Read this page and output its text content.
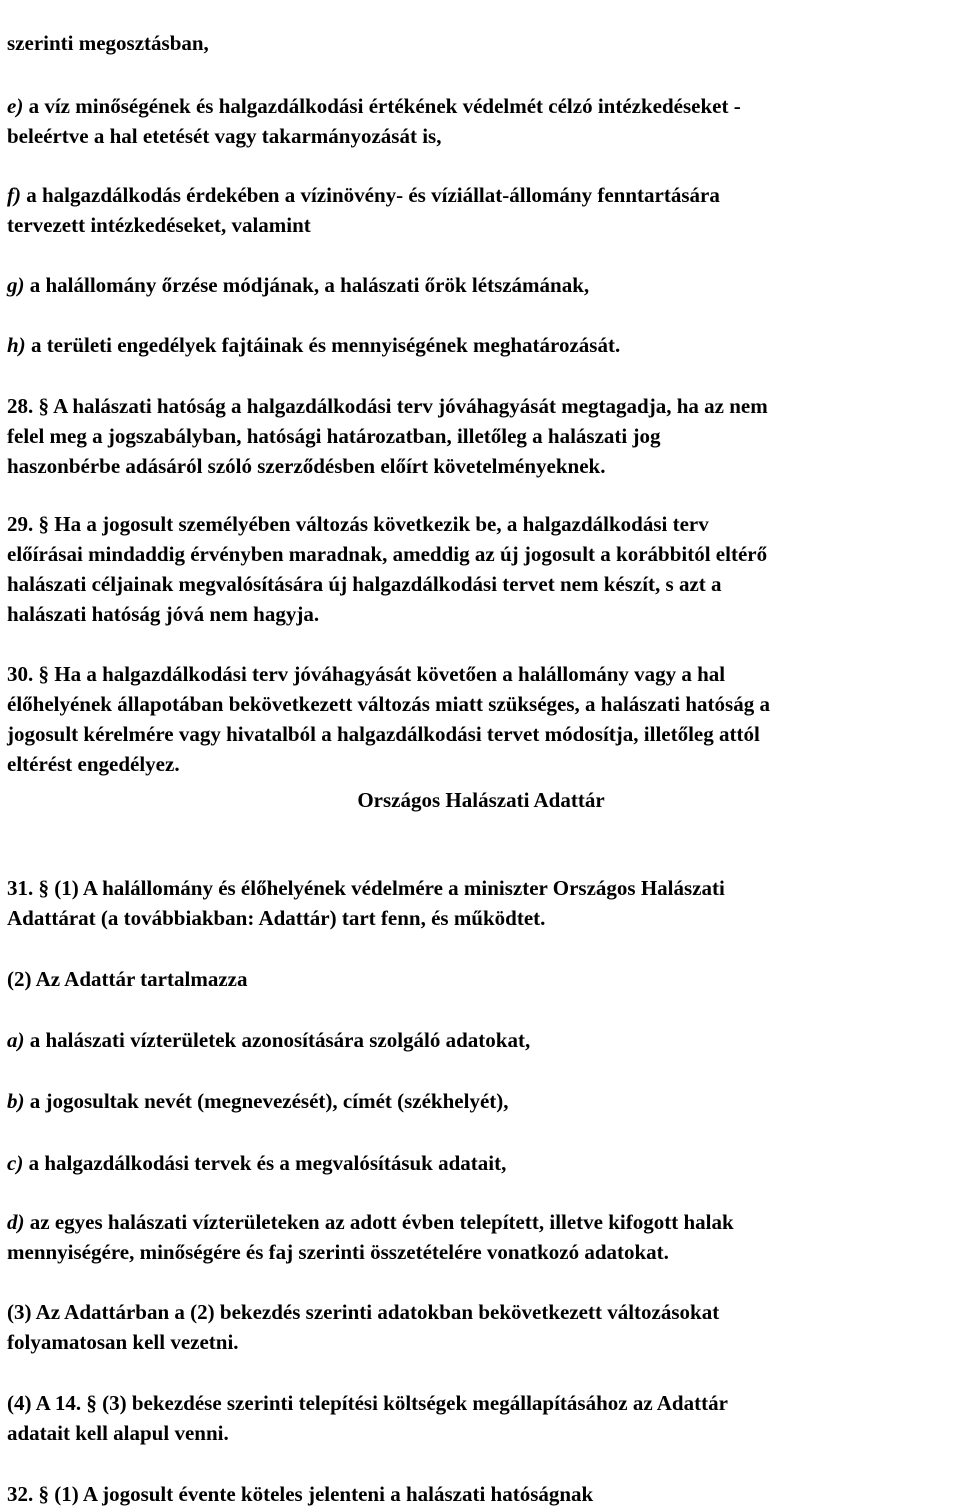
szerinti megosztásban,

e) a víz minőségének és halgazdálkodási értékének védelmét célzó intézkedéseket -
beleértve a hal etetését vagy takarmányozását is,

f) a halgazdálkodás érdekében a vízinövény- és víziállat-állomány fenntartására
tervezett intézkedéseket, valamint

g) a halállomány őrzése módjának, a halászati őrök létszámának,

h) a területi engedélyek fajtáinak és mennyiségének meghatározását.

28. § A halászati hatóság a halgazdálkodási terv jóváhagyását megtagadja, ha az nem
felel meg a jogszabályban, hatósági határozatban, illetőleg a halászati jog
haszonbérbe adásáról szóló szerződésben előírt követelményeknek.

29. § Ha a jogosult személyében változás következik be, a halgazdálkodási terv
előírásai mindaddig érvényben maradnak, ameddig az új jogosult a korábbitól eltérő
halászati céljainak megvalósítására új halgazdálkodási tervet nem készít, s azt a
halászati hatóság jóvá nem hagyja.

30. § Ha a halgazdálkodási terv jóváhagyását követően a halállomány vagy a hal
élőhelyének állapotában bekövetkezett változás miatt szükséges, a halászati hatóság a
jogosult kérelmére vagy hivatalból a halgazdálkodási tervet módosítja, illetőleg attól
eltérést engedélyez.

Országos Halászati Adattár

31. § (1) A halállomány és élőhelyének védelmére a miniszter Országos Halászati
Adattárat (a továbbiakban: Adattár) tart fenn, és működtet.

(2) Az Adattár tartalmazza

a) a halászati vízterületek azonosítására szolgáló adatokat,

b) a jogosultak nevét (megnevezését), címét (székhelyét),

c) a halgazdálkodási tervek és a megvalósításuk adatait,

d) az egyes halászati vízterületeken az adott évben telepített, illetve kifogott halak
mennyiségére, minőségére és faj szerinti összetételére vonatkozó adatokat.

(3) Az Adattárban a (2) bekezdés szerinti adatokban bekövetkezett változásokat
folyamatosan kell vezetni.

(4) A 14. § (3) bekezdése szerinti telepítési költségek megállapításához az Adattár
adatait kell alapul venni.

32. § (1) A jogosult évente köteles jelenteni a halászati hatóságnak
